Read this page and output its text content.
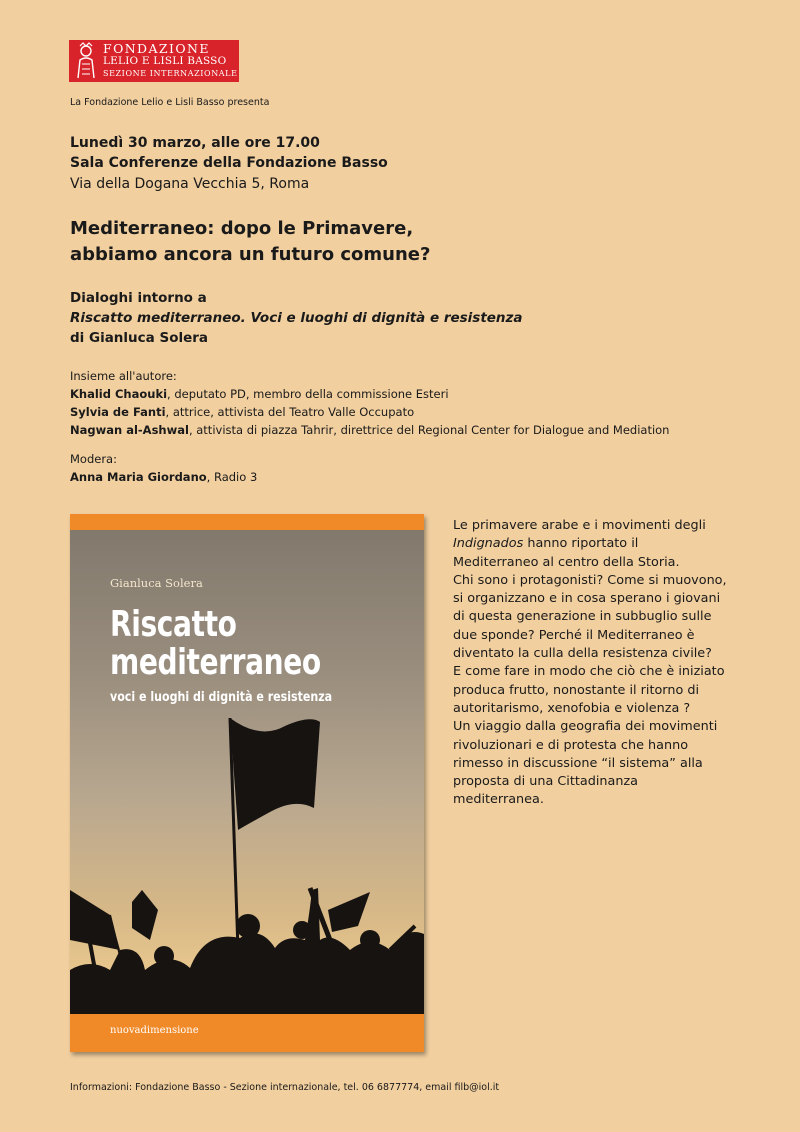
FONDAZIONE
LELIO E LISLI BASSO
SEZIONE INTERNAZIONALE
La Fondazione Lelio e Lisli Basso presenta
Lunedì 30 marzo, alle ore 17.00
Sala Conferenze della Fondazione Basso
Via della Dogana Vecchia 5, Roma
Mediterraneo: dopo le Primavere,
abbiamo ancora un futuro comune?
Dialoghi intorno a
Riscatto mediterraneo. Voci e luoghi di dignità e resistenza
di Gianluca Solera
Insieme all'autore:
Khalid Chaouki, deputato PD, membro della commissione Esteri
Sylvia de Fanti, attrice, attivista del Teatro Valle Occupato
Nagwan al-Ashwal, attivista di piazza Tahrir, direttrice del Regional Center for Dialogue and Mediation
Modera:
Anna Maria Giordano, Radio 3
Gianluca Solera
Riscatto
mediterraneo
voci e luoghi di dignità e resistenza
nuovadimensione

Le primavere arabe e i movimenti degli

Indignados hanno riportato il

Mediterraneo al centro della Storia.

Chi sono i protagonisti? Come si muovono,

si organizzano e in cosa sperano i giovani

di questa generazione in subbuglio sulle

due sponde? Perché il Mediterraneo è

diventato la culla della resistenza civile?

E come fare in modo che ciò che è iniziato

produca frutto, nonostante il ritorno di

autoritarismo, xenofobia e violenza ?

Un viaggio dalla geografia dei movimenti

rivoluzionari e di protesta che hanno

rimesso in discussione “il sistema” alla

proposta di una Cittadinanza

mediterranea.

Informazioni: Fondazione Basso - Sezione internazionale, tel. 06 6877774, email filb@iol.it
